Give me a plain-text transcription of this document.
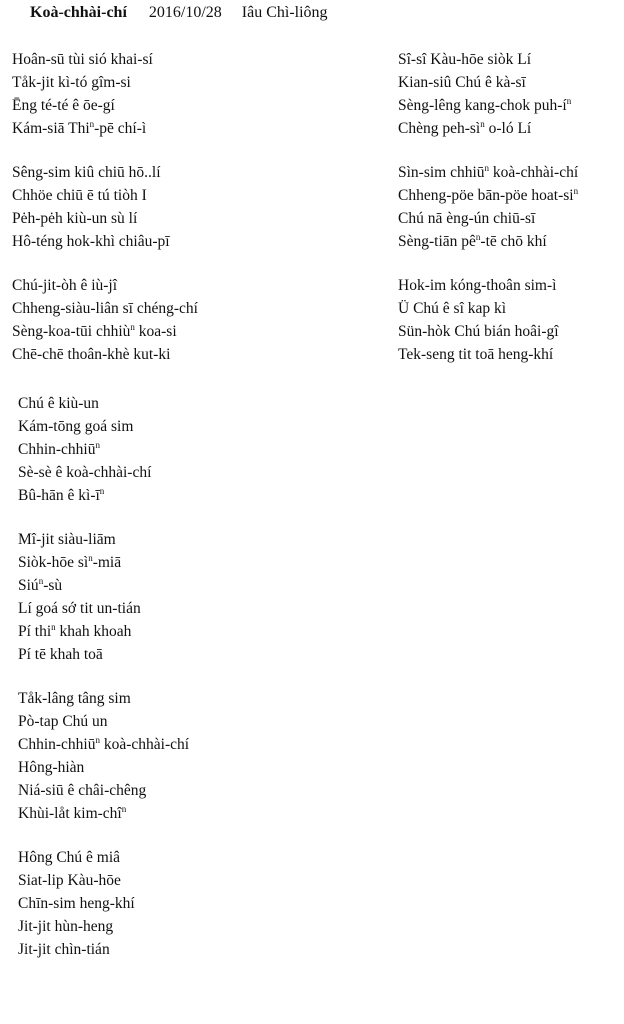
Koà-chhài-chí 2016/10/28 Iâu Chì-liông
Hoân-sū tùi sió khai-sí
Tåk-jit kì-tó gîm-si
Ēng té-té ê ōe-gí
Kám-siā Thi$^n$-pē chí-ì
Sêng-sim kiû chiū hō..lí
Chhöe chiū ē tú tiòh I
Pėh-pėh kiù-un sù lí
Hô-téng hok-khì chiâu-pī
Chú-jit-òh ê iù-jî
Chheng-siàu-liân sī chéng-chí
Sèng-koa-tūi chhiù$^n$ koa-si
Chē-chē thoân-khè kut-ki
Sî-sî Kàu-hōe siòk Lí
Kian-siû Chú ê kà-sī
Sèng-lêng kang-chok puh-$í^n$
Chèng peh-$sì^n$ o-ló Lí
Sìn-sim chhiū$^n$ koà-chhài-chí
Chheng-pöe bān-pöe hoat-$si^n$
Chú nā èng-ún chiū-sī
Sèng-tiān $pê^n-tē$ chō khí
Hok-im kóng-thoân sim-ì
Ü Chú ê sî kap kì
Sün-hòk Chú bián hoâi-gî
Tek-seng tit toā heng-khí
Chú ê kiù-un
Kám-tōng goá sim
Chhin-chhiū$^n$
Sè-sè ê koà-chhài-chí
Bû-hān ê $kì-ī^n$
Mî-jit siàu-liām
Siòk-hōe $sì^n$-miā
Siú$^n$-sù
Lí goá sớ tit un-tián
Pí thi$^n$ khah khoah
Pí tē khah toā
Tåk-lâng tâng sim
Pò-tap Chú un
Chhin-chhiū$^n$ koà-chhài-chí
Hông-hiàn
Niá-siū ê châi-chêng
Khùi-låt kim-chî$^n$
Hông Chú ê miâ
Siat-lip Kàu-hōe
Chīn-sim heng-khí
Jit-jit hùn-heng
Jit-jit chìn-tián
